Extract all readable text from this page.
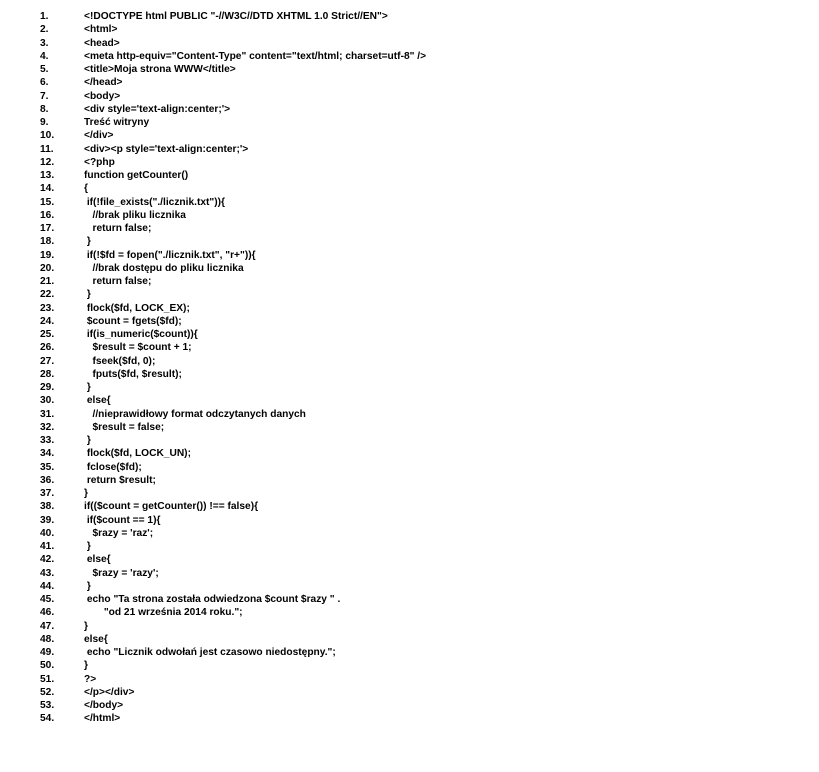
1.	<!DOCTYPE html PUBLIC "-//W3C//DTD XHTML 1.0 Strict//EN">
2.	<html>
3.	<head>
4.	<meta http-equiv="Content-Type" content="text/html; charset=utf-8" />
5.	<title>Moja strona WWW</title>
6.	</head>
7.	<body>
8.	<div style='text-align:center;'>
9.	Treść witryny
10.	</div>
11.	<div><p style='text-align:center;'>
12.	<?php
13.	function getCounter()
14.	{
15.	if(!file_exists("./licznik.txt")){
16.	//brak pliku licznika
17.	return false;
18.	}
19.	if(!$fd = fopen("./licznik.txt", "r+")){
20.	//brak dostępu do pliku licznika
21.	return false;
22.	}
23.	flock($fd, LOCK_EX);
24.	$count = fgets($fd);
25.	if(is_numeric($count)){
26.	$result = $count + 1;
27.	fseek($fd, 0);
28.	fputs($fd, $result);
29.	}
30.	else{
31.	//nieprawidłowy format odczytanych danych
32.	$result = false;
33.	}
34.	flock($fd, LOCK_UN);
35.	fclose($fd);
36.	return $result;
37.	}
38.	if(($count = getCounter()) !== false){
39.	if($count == 1){
40.	$razy = 'raz';
41.	}
42.	else{
43.	$razy = 'razy';
44.	}
45.	echo "Ta strona została odwiedzona $count $razy " .
46.	"od 21 września 2014 roku.";
47.	}
48.	else{
49.	echo "Licznik odwołań jest czasowo niedostępny.";
50.	}
51.	?>
52.	</p></div>
53.	</body>
54.	</html>
